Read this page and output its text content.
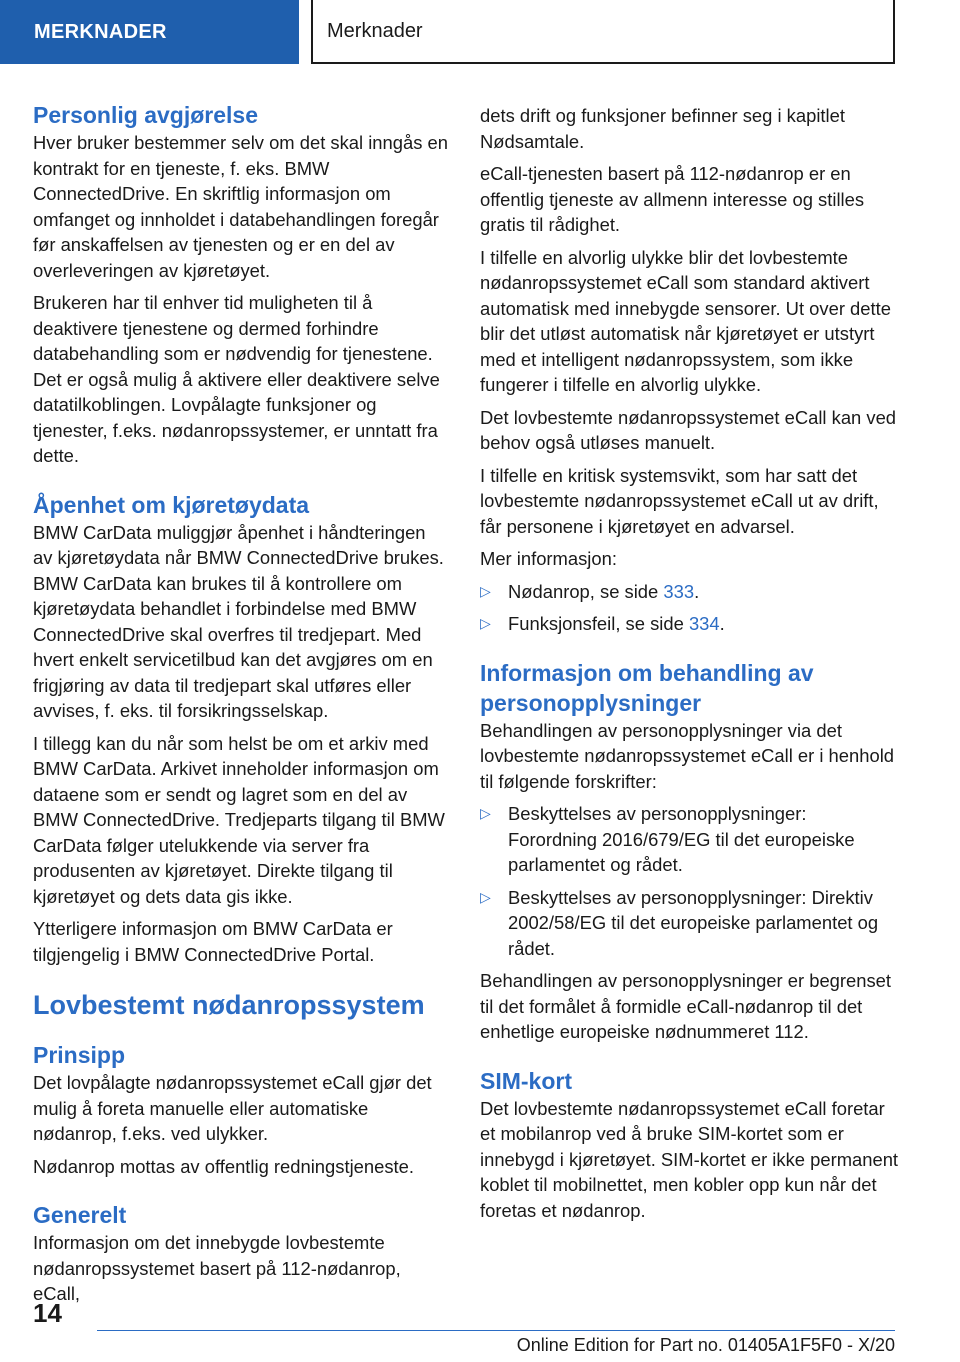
MERKNADER	Merknader
Personlig avgjørelse

Hver bruker bestemmer selv om det skal inngås en kontrakt for en tjeneste, f. eks. BMW ConnectedDrive. En skriftlig informasjon om omfanget og innholdet i databehandlingen foregår før anskaffelsen av tjenesten og er en del av overleveringen av kjøretøyet.

Brukeren har til enhver tid muligheten til å deaktivere tjenestene og dermed forhindre databehandling som er nødvendig for tjenestene. Det er også mulig å aktivere eller deaktivere selve datatilkoblingen. Lovpålagte funksjoner og tjenester, f.eks. nødanropssystemer, er unntatt fra dette.

Åpenhet om kjøretøydata

BMW CarData muliggjør åpenhet i håndteringen av kjøretøydata når BMW ConnectedDrive brukes. BMW CarData kan brukes til å kontrollere om kjøretøydata behandlet i forbindelse med BMW ConnectedDrive skal overfres til tredjepart. Med hvert enkelt servicetilbud kan det avgjøres om en frigjøring av data til tredjepart skal utføres eller avvises, f. eks. til forsikringsselskap.

I tillegg kan du når som helst be om et arkiv med BMW CarData. Arkivet inneholder informasjon om dataene som er sendt og lagret som en del av BMW ConnectedDrive. Tredjeparts tilgang til BMW CarData følger utelukkende via server fra produsenten av kjøretøyet. Direkte tilgang til kjøretøyet og dets data gis ikke.

Ytterligere informasjon om BMW CarData er tilgjengelig i BMW ConnectedDrive Portal.

Lovbestemt nødanropssystem
Prinsipp

Det lovpålagte nødanropssystemet eCall gjør det mulig å foreta manuelle eller automatiske nødanrop, f.eks. ved ulykker.

Nødanrop mottas av offentlig redningstjeneste.

Generelt

Informasjon om det innebygde lovbestemte nødanropssystemet basert på 112-nødanrop, eCall,

dets drift og funksjoner befinner seg i kapitlet Nødsamtale.

eCall-tjenesten basert på 112-nødanrop er en offentlig tjeneste av allmenn interesse og stilles gratis til rådighet.

I tilfelle en alvorlig ulykke blir det lovbestemte nødanropssystemet eCall som standard aktivert automatisk med innebygde sensorer. Ut over dette blir det utløst automatisk når kjøretøyet er utstyrt med et intelligent nødanropssystem, som ikke fungerer i tilfelle en alvorlig ulykke.

Det lovbestemte nødanropssystemet eCall kan ved behov også utløses manuelt.

I tilfelle en kritisk systemsvikt, som har satt det lovbestemte nødanropssystemet eCall ut av drift, får personene i kjøretøyet en advarsel.

Mer informasjon:

▷ Nødanrop, se side 333.
▷ Funksjonsfeil, se side 334.
Informasjon om behandling av personopplysninger

Behandlingen av personopplysninger via det lovbestemte nødanropssystemet eCall er i henhold til følgende forskrifter:

▷ Beskyttelses av personopplysninger: Forordning 2016/679/EG til det europeiske parlamentet og rådet.
▷ Beskyttelses av personopplysninger: Direktiv 2002/58/EG til det europeiske parlamentet og rådet.

Behandlingen av personopplysninger er begrenset til det formålet å formidle eCall-nødanrop til det enhetlige europeiske nødnummeret 112.

SIM-kort

Det lovbestemte nødanropssystemet eCall foretar et mobilanrop ved å bruke SIM-kortet som er innebygd i kjøretøyet. SIM-kortet er ikke permanent koblet til mobilnettet, men kobler opp kun når det foretas et nødanrop.

14
Online Edition for Part no. 01405A1F5F0 - X/20
